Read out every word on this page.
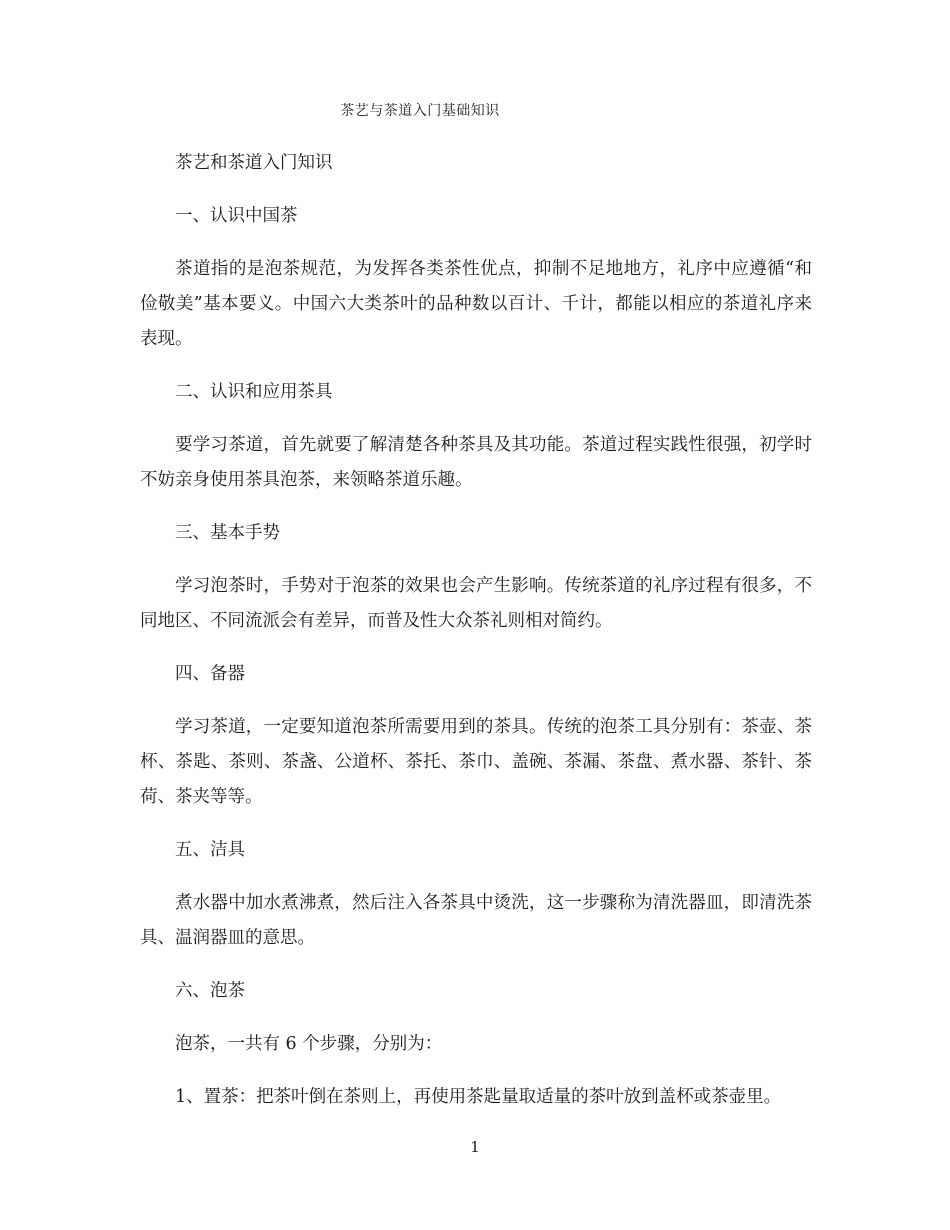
茶艺与茶道入门基础知识

茶艺和茶道入门知识

一、认识中国茶

茶道指的是泡茶规范，为发挥各类茶性优点，抑制不足地地方，礼序中应遵循“和俭敬美”基本要义。中国六大类茶叶的品种数以百计、千计，都能以相应的茶道礼序来表现。

二、认识和应用茶具

要学习茶道，首先就要了解清楚各种茶具及其功能。茶道过程实践性很强，初学时不妨亲身使用茶具泡茶，来领略茶道乐趣。

三、基本手势

学习泡茶时，手势对于泡茶的效果也会产生影响。传统茶道的礼序过程有很多，不同地区、不同流派会有差异，而普及性大众茶礼则相对简约。

四、备器

学习茶道，一定要知道泡茶所需要用到的茶具。传统的泡茶工具分别有：茶壶、茶杯、茶匙、茶则、茶盏、公道杯、茶托、茶巾、盖碗、茶漏、茶盘、煮水器、茶针、茶荷、茶夹等等。

五、洁具

煮水器中加水煮沸煮，然后注入各茶具中烫洗，这一步骤称为清洗器皿，即清洗茶具、温润器皿的意思。

六、泡茶

泡茶，一共有 6 个步骤，分别为：

1、置茶：把茶叶倒在茶则上，再使用茶匙量取适量的茶叶放到盖杯或茶壶里。

1
